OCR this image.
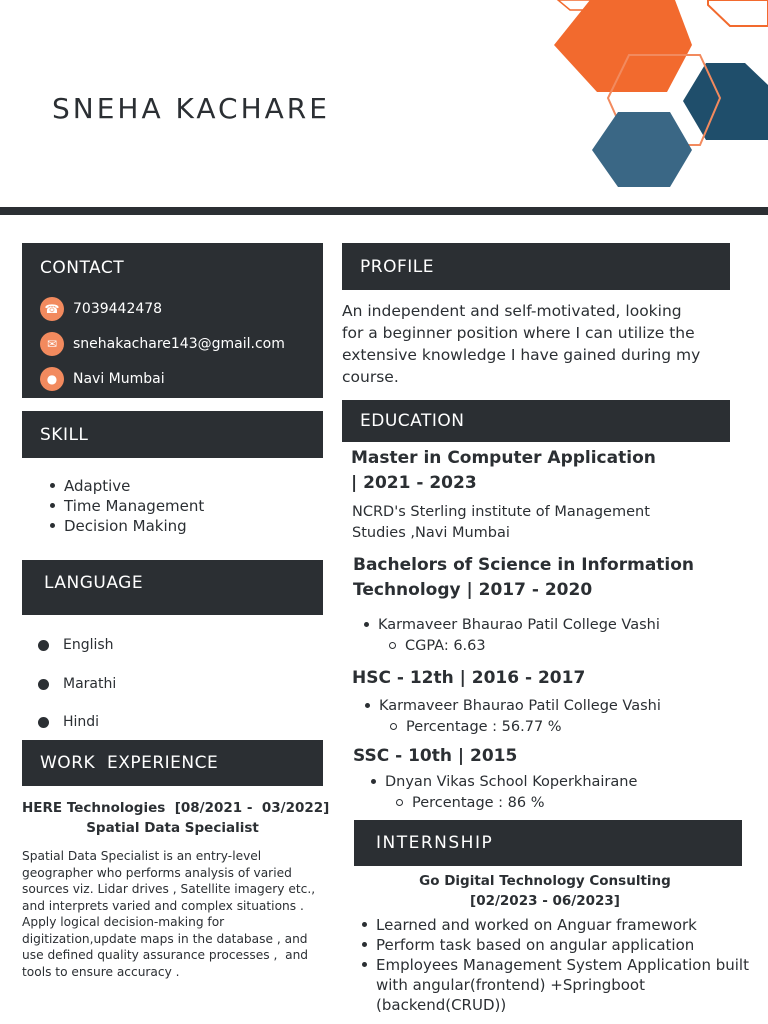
SNEHA KACHARE
CONTACT
☎ 7039442478
✉	snehakachare143@gmail.com
●	Navi Mumbai
SKILL
Adaptive
Time Management
Decision Making
LANGUAGE
English
Marathi
Hindi
WORK  EXPERIENCE
HERE Technologies  [08/2021 -  03/2022]
Spatial Data Specialist
Spatial Data Specialist is an entry-level
geographer who performs analysis of varied
sources viz. Lidar drives , Satellite imagery etc.,
and interprets varied and complex situations .
Apply logical decision-making for
digitization,update maps in the database , and
use defined quality assurance processes ,  and
tools to ensure accuracy .
PROFILE
An independent and self-motivated, looking
for a beginner position where I can utilize the
extensive knowledge I have gained during my
course.
EDUCATION
Master in Computer Application
| 2021 - 2023
NCRD's Sterling institute of Management
Studies ,Navi Mumbai
Bachelors of Science in Information
Technology | 2017 - 2020
Karmaveer Bhaurao Patil College Vashi
CGPA: 6.63
HSC - 12th | 2016 - 2017
Karmaveer Bhaurao Patil College Vashi
Percentage : 56.77 %
SSC - 10th | 2015
Dnyan Vikas School Koperkhairane
Percentage : 86 %
INTERNSHIP
Go Digital Technology Consulting
[02/2023 - 06/2023]
Learned and worked on Anguar framework
Perform task based on angular application
Employees Management System Application built
with angular(frontend) +Springboot
(backend(CRUD))
